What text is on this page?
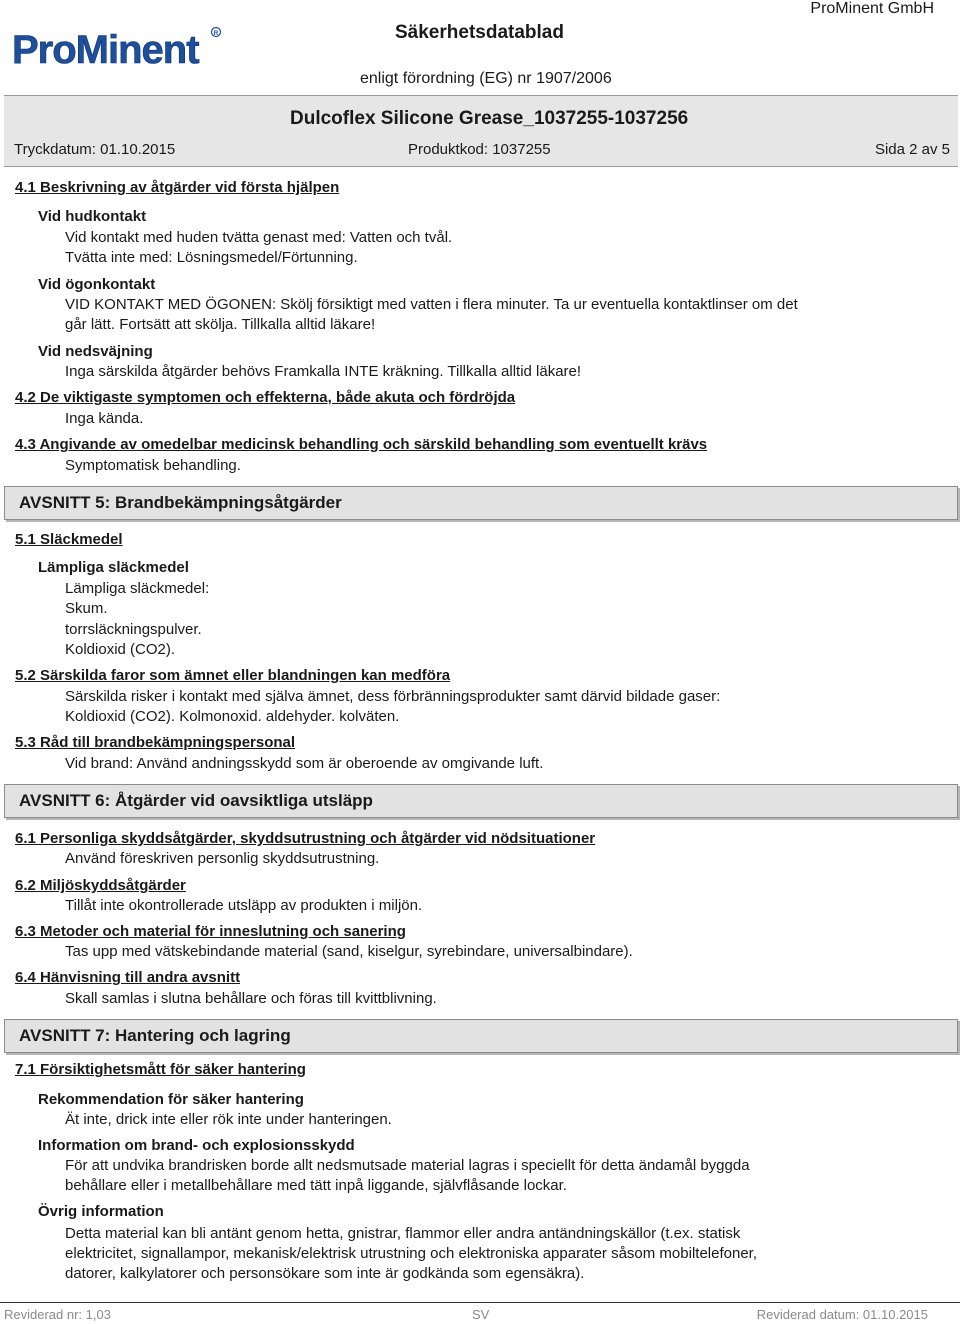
ProMinent R
ProMinent GmbH
Säkerhetsdatablad
enligt förordning (EG) nr 1907/2006
Dulcoflex Silicone Grease_1037255-1037256
Tryckdatum: 01.10.2015	Produktkod: 1037255	Sida 2 av 5
4.1 Beskrivning av åtgärder vid första hjälpen
Vid hudkontakt
Vid kontakt med huden tvätta genast med: Vatten och tvål.
Tvätta inte med: Lösningsmedel/Förtunning.
Vid ögonkontakt
VID KONTAKT MED ÖGONEN: Skölj försiktigt med vatten i flera minuter. Ta ur eventuella kontaktlinser om det
går lätt. Fortsätt att skölja. Tillkalla alltid läkare!
Vid nedsväjning
Inga särskilda åtgärder behövs Framkalla INTE kräkning. Tillkalla alltid läkare!
4.2 De viktigaste symptomen och effekterna, både akuta och fördröjda
Inga kända.
4.3 Angivande av omedelbar medicinsk behandling och särskild behandling som eventuellt krävs
Symptomatisk behandling.
AVSNITT 5: Brandbekämpningsåtgärder
5.1 Släckmedel
Lämpliga släckmedel
Lämpliga släckmedel:
Skum.
torrsläckningspulver.
Koldioxid (CO2).
5.2 Särskilda faror som ämnet eller blandningen kan medföra
Särskilda risker i kontakt med själva ämnet, dess förbränningsprodukter samt därvid bildade gaser:
Koldioxid (CO2). Kolmonoxid. aldehyder. kolväten.
5.3 Råd till brandbekämpningspersonal
Vid brand: Använd andningsskydd som är oberoende av omgivande luft.
AVSNITT 6: Åtgärder vid oavsiktliga utsläpp
6.1 Personliga skyddsåtgärder, skyddsutrustning och åtgärder vid nödsituationer
Använd föreskriven personlig skyddsutrustning.
6.2 Miljöskyddsåtgärder
Tillåt inte okontrollerade utsläpp av produkten i miljön.
6.3 Metoder och material för inneslutning och sanering
Tas upp med vätskebindande material (sand, kiselgur, syrebindare, universalbindare).
6.4 Hänvisning till andra avsnitt
Skall samlas i slutna behållare och föras till kvittblivning.
AVSNITT 7: Hantering och lagring
7.1 Försiktighetsmått för säker hantering
Rekommendation för säker hantering
Ät inte, drick inte eller rök inte under hanteringen.
Information om brand- och explosionsskydd
För att undvika brandrisken borde allt nedsmutsade material lagras i speciellt för detta ändamål byggda
behållare eller i metallbehållare med tätt inpå liggande, självflåsande lockar.
Övrig information
Detta material kan bli antänt genom hetta, gnistrar, flammor eller andra antändningskällor (t.ex. statisk
elektricitet, signallampor, mekanisk/elektrisk utrustning och elektroniska apparater såsom mobiltelefoner,
datorer, kalkylatorer och personsökare som inte är godkända som egensäkra).
Reviderad nr: 1,03	SV	Reviderad datum: 01.10.2015
